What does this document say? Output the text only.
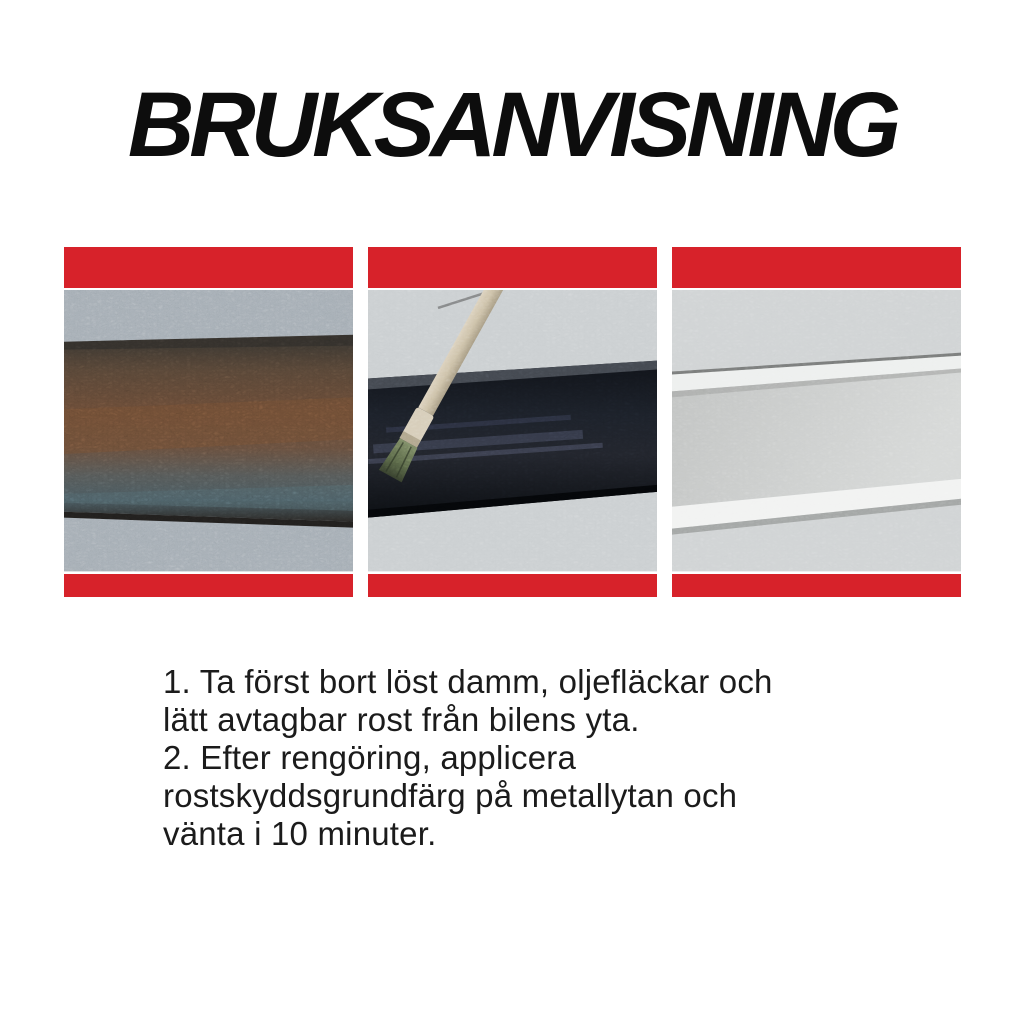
BRUKSANVISNING
1. Ta först bort löst damm, oljefläckar och
lätt avtagbar rost från bilens yta.
2. Efter rengöring, applicera
rostskyddsgrundfärg på metallytan och
vänta i 10 minuter.
